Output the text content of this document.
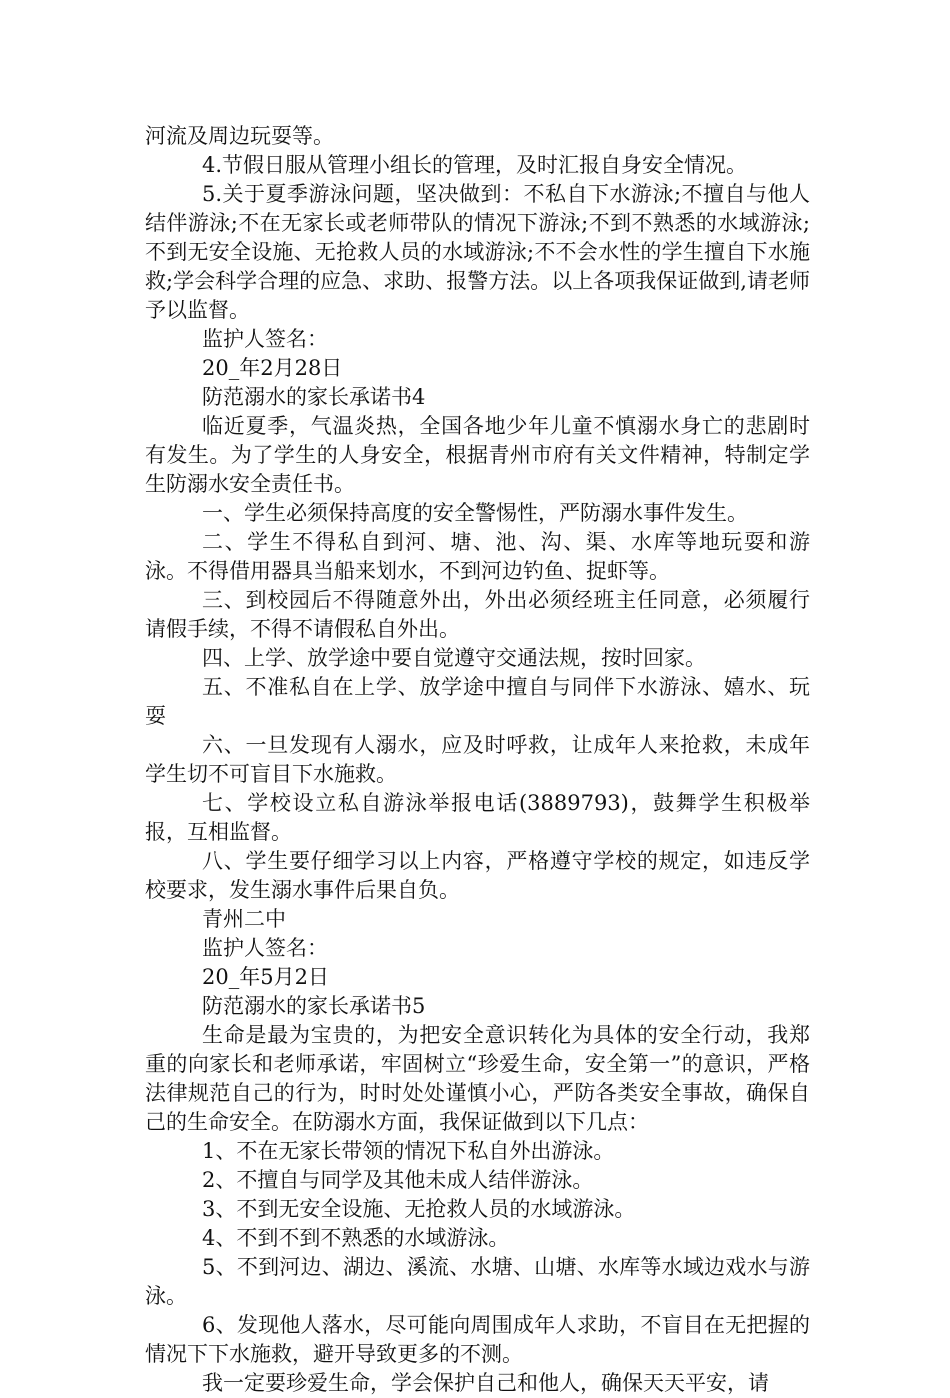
河流及周边玩耍等。

4.节假日服从管理小组长的管理，及时汇报自身安全情况。

5.关于夏季游泳问题，坚决做到：不私自下水游泳;不擅自与他人结伴游泳;不在无家长或老师带队的情况下游泳;不到不熟悉的水域游泳;不到无安全设施、无抢救人员的水域游泳;不不会水性的学生擅自下水施救;学会科学合理的应急、求助、报警方法。以上各项我保证做到,请老师予以监督。

监护人签名：

20_年2月28日

防范溺水的家长承诺书4

临近夏季，气温炎热，全国各地少年儿童不慎溺水身亡的悲剧时有发生。为了学生的人身安全，根据青州市府有关文件精神，特制定学生防溺水安全责任书。

一、学生必须保持高度的安全警惕性，严防溺水事件发生。

二、学生不得私自到河、塘、池、沟、渠、水库等地玩耍和游泳。不得借用器具当船来划水，不到河边钓鱼、捉虾等。

三、到校园后不得随意外出，外出必须经班主任同意，必须履行请假手续，不得不请假私自外出。

四、上学、放学途中要自觉遵守交通法规，按时回家。

五、不准私自在上学、放学途中擅自与同伴下水游泳、嬉水、玩耍

六、一旦发现有人溺水，应及时呼救，让成年人来抢救，未成年学生切不可盲目下水施救。

七、学校设立私自游泳举报电话(3889793)，鼓舞学生积极举报，互相监督。

八、学生要仔细学习以上内容，严格遵守学校的规定，如违反学校要求，发生溺水事件后果自负。

青州二中

监护人签名：

20_年5月2日

防范溺水的家长承诺书5

生命是最为宝贵的，为把安全意识转化为具体的安全行动，我郑重的向家长和老师承诺，牢固树立“珍爱生命，安全第一”的意识，严格法律规范自己的行为，时时处处谨慎小心，严防各类安全事故，确保自己的生命安全。在防溺水方面，我保证做到以下几点：

1、不在无家长带领的情况下私自外出游泳。

2、不擅自与同学及其他未成人结伴游泳。

3、不到无安全设施、无抢救人员的水域游泳。

4、不到不到不熟悉的水域游泳。

5、不到河边、湖边、溪流、水塘、山塘、水库等水域边戏水与游泳。

6、发现他人落水，尽可能向周围成年人求助，不盲目在无把握的情况下下水施救，避开导致更多的不测。

我一定要珍爱生命，学会保护自己和他人，确保天天平安，请
